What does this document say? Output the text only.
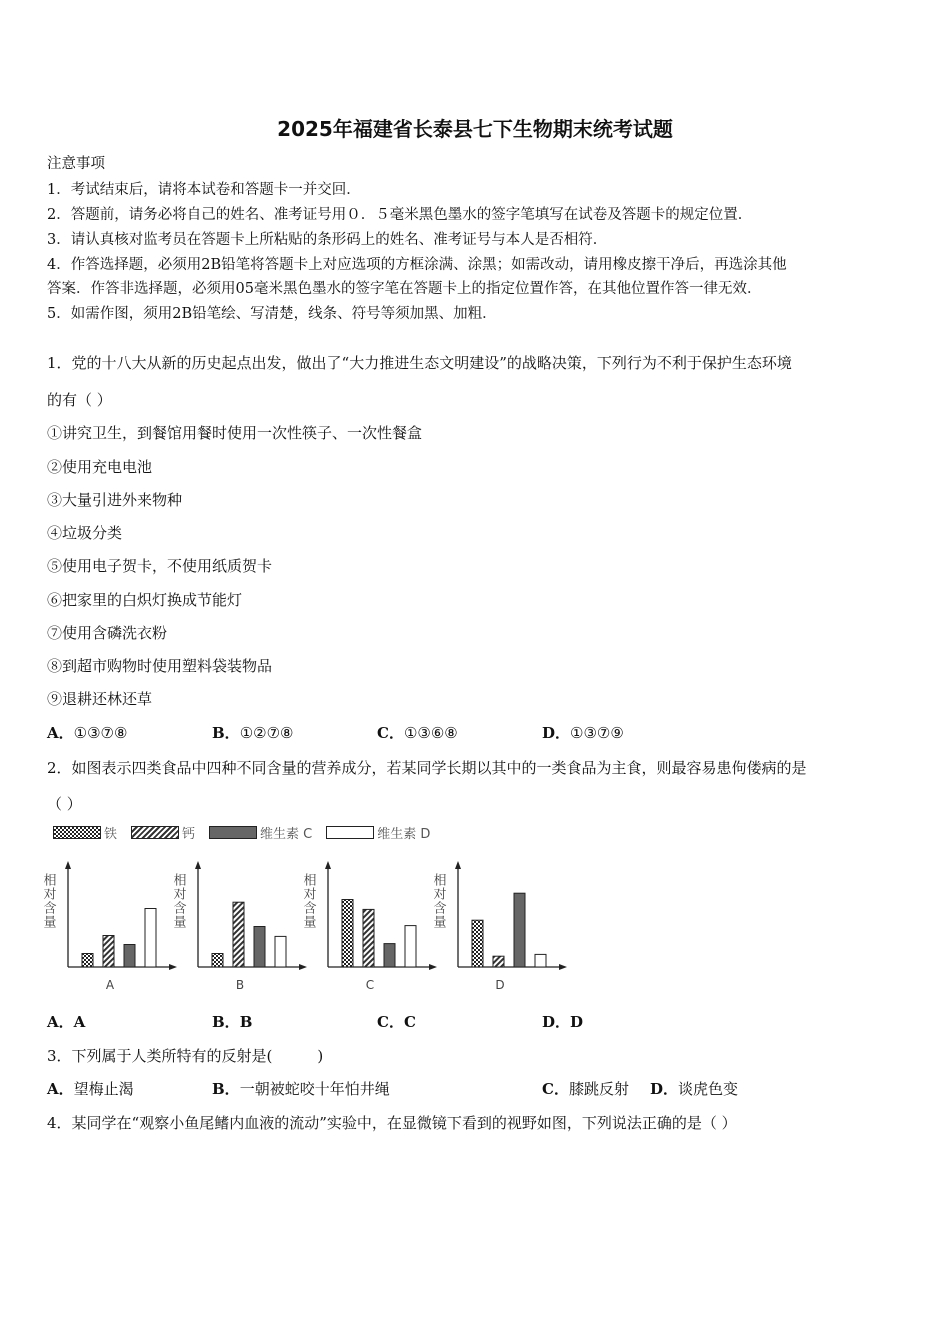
2025年福建省长泰县七下生物期末统考试题
注意事项
1．考试结束后，请将本试卷和答题卡一并交回．
2．答题前，请务必将自己的姓名、准考证号用０．５毫米黑色墨水的签字笔填写在试卷及答题卡的规定位置．
3．请认真核对监考员在答题卡上所粘贴的条形码上的姓名、准考证号与本人是否相符．
4．作答选择题，必须用2B铅笔将答题卡上对应选项的方框涂满、涂黑；如需改动，请用橡皮擦干净后，再选涂其他
答案．作答非选择题，必须用05毫米黑色墨水的签字笔在答题卡上的指定位置作答，在其他位置作答一律无效．
5．如需作图，须用2B铅笔绘、写清楚，线条、符号等须加黑、加粗．
1．党的十八大从新的历史起点出发，做出了“大力推进生态文明建设”的战略决策，下列行为不利于保护生态环境
的有（ ）
①讲究卫生，到餐馆用餐时使用一次性筷子、一次性餐盒
②使用充电电池
③大量引进外来物种
④垃圾分类
⑤使用电子贺卡，不使用纸质贺卡
⑥把家里的白炽灯换成节能灯
⑦使用含磷洗衣粉
⑧到超市购物时使用塑料袋装物品
⑨退耕还林还草
A．①③⑦⑧	B．①②⑦⑧	C．①③⑥⑧	D．①③⑦⑨
2．如图表示四类食品中四种不同含量的营养成分，若某同学长期以其中的一类食品为主食，则最容易患佝偻病的是
（ ）
铁	钙	维生素 C	维生素 D
相对含量
A
相对含量
B
相对含量
C
相对含量
D
A．A	B．B	C．C	D．D
3．下列属于人类所特有的反射是(　　　)
A．望梅止渴	B．一朝被蛇咬十年怕井绳	C．膝跳反射 D．谈虎色变
4．某同学在“观察小鱼尾鳍内血液的流动”实验中，在显微镜下看到的视野如图，下列说法正确的是（ ）
